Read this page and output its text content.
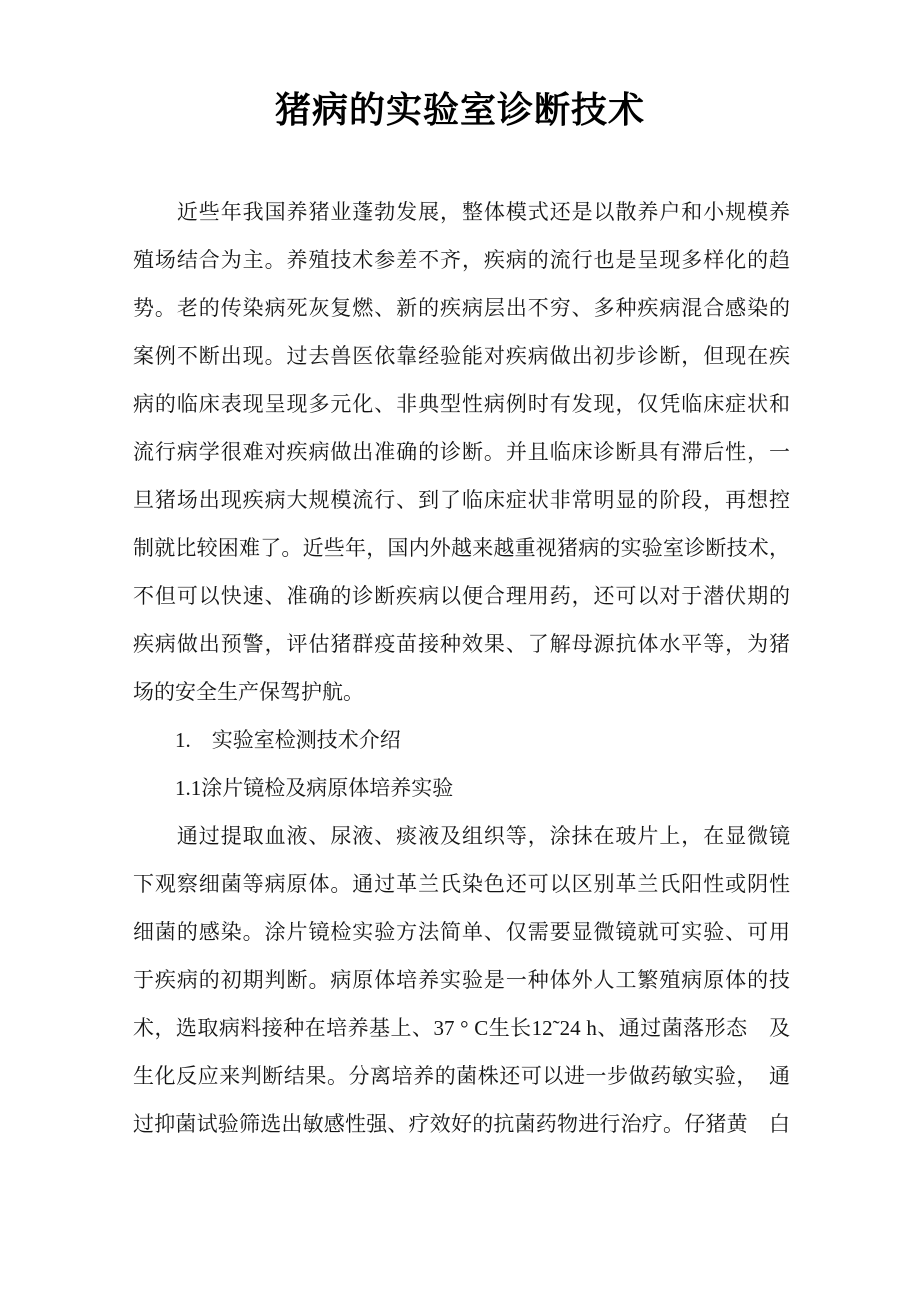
猪病的实验室诊断技术
　　近些年我国养猪业蓬勃发展，整体模式还是以散养户和小规模养
殖场结合为主。养殖技术参差不齐，疾病的流行也是呈现多样化的趋
势。老的传染病死灰复燃、新的疾病层出不穷、多种疾病混合感染的
案例不断出现。过去兽医依靠经验能对疾病做出初步诊断，但现在疾
病的临床表现呈现多元化、非典型性病例时有发现，仅凭临床症状和
流行病学很难对疾病做出准确的诊断。并且临床诊断具有滞后性，一
旦猪场出现疾病大规模流行、到了临床症状非常明显的阶段，再想控
制就比较困难了。近些年，国内外越来越重视猪病的实验室诊断技术，
不但可以快速、准确的诊断疾病以便合理用药，还可以对于潜伏期的
疾病做出预警，评估猪群疫苗接种效果、了解母源抗体水平等，为猪
场的安全生产保驾护航。
　　1.　实验室检测技术介绍
　　1.1涂片镜检及病原体培养实验
　　通过提取血液、尿液、痰液及组织等，涂抹在玻片上，在显微镜
下观察细菌等病原体。通过革兰氏染色还可以区别革兰氏阳性或阴性
细菌的感染。涂片镜检实验方法简单、仅需要显微镜就可实验、可用
于疾病的初期判断。病原体培养实验是一种体外人工繁殖病原体的技
术，选取病料接种在培养基上、37 ° C生长12˜24 h、通过菌落形态　及
生化反应来判断结果。分离培养的菌株还可以进一步做药敏实验，　通
过抑菌试验筛选出敏感性强、疗效好的抗菌药物进行治疗。仔猪黄　白
